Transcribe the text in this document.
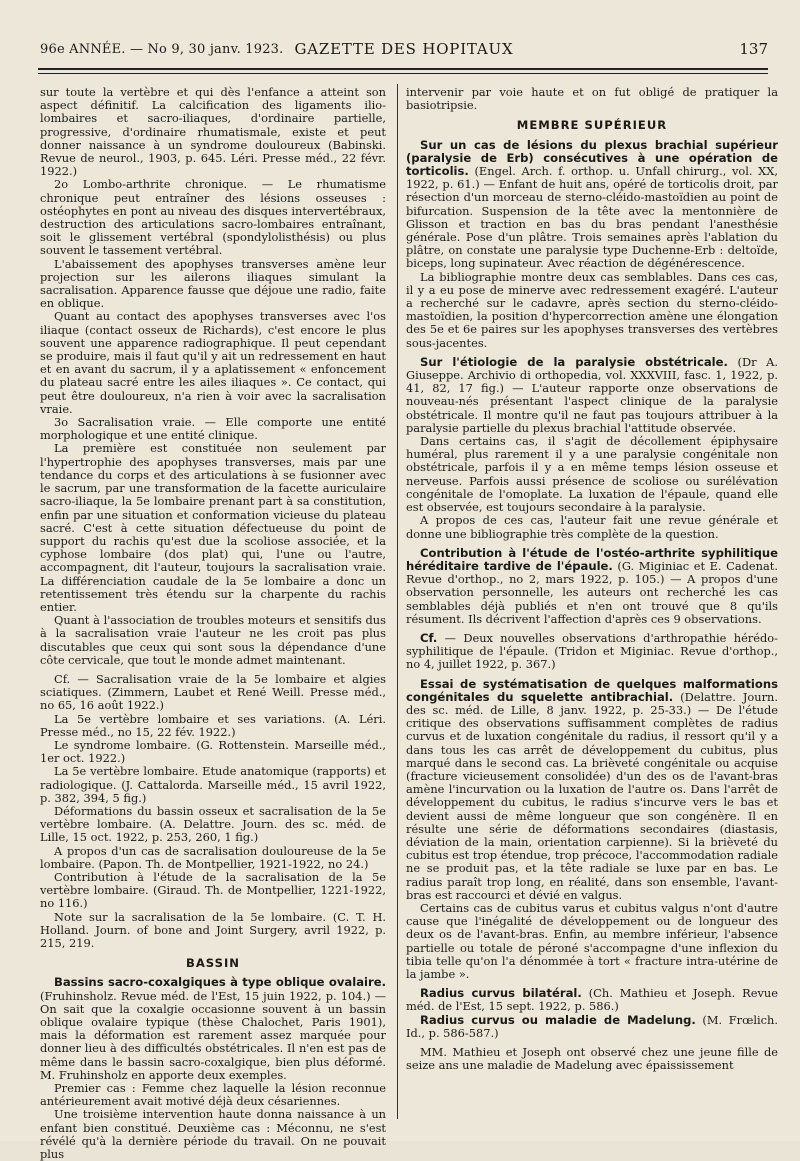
96e ANNÉE. — No 9, 30 janv. 1923. GAZETTE DES HOPITAUX	137

sur toute la vertèbre et qui dès l'enfance a atteint son aspect définitif. La calcification des ligaments ilio-lombaires et sacro-iliaques, d'ordinaire partielle, progressive, d'ordinaire rhumatismale, existe et peut donner naissance à un syndrome douloureux (Babinski. Revue de neurol., 1903, p. 645. Léri. Presse méd., 22 févr. 1922.)

2o Lombo-arthrite chronique. — Le rhumatisme chronique peut entraîner des lésions osseuses : ostéophytes en pont au niveau des disques intervertébraux, destruction des articulations sacro-lombaires entraînant, soit le glissement vertébral (spondylolisthésis) ou plus souvent le tassement vertébral.

L'abaissement des apophyses transverses amène leur projection sur les ailerons iliaques simulant la sacralisation. Apparence fausse que déjoue une radio, faite en oblique.

Quant au contact des apophyses transverses avec l'os iliaque (contact osseux de Richards), c'est encore le plus souvent une apparence radiographique. Il peut cependant se produire, mais il faut qu'il y ait un redressement en haut et en avant du sacrum, il y a aplatissement « enfoncement du plateau sacré entre les ailes iliaques ». Ce contact, qui peut être douloureux, n'a rien à voir avec la sacralisation vraie.

3o Sacralisation vraie. — Elle comporte une entité morphologique et une entité clinique.

La première est constituée non seulement par l'hypertrophie des apophyses transverses, mais par une tendance du corps et des articulations à se fusionner avec le sacrum, par une transformation de la facette auriculaire sacro-iliaque, la 5e lombaire prenant part à sa constitution, enfin par une situation et conformation vicieuse du plateau sacré. C'est à cette situation défectueuse du point de support du rachis qu'est due la scoliose associée, et la cyphose lombaire (dos plat) qui, l'une ou l'autre, accompagnent, dit l'auteur, toujours la sacralisation vraie. La différenciation caudale de la 5e lombaire a donc un retentissement très étendu sur la charpente du rachis entier.

Quant à l'association de troubles moteurs et sensitifs dus à la sacralisation vraie l'auteur ne les croit pas plus discutables que ceux qui sont sous la dépendance d'une côte cervicale, que tout le monde admet maintenant.

Cf. — Sacralisation vraie de la 5e lombaire et algies sciatiques. (Zimmern, Laubet et René Weill. Presse méd., no 65, 16 août 1922.)

La 5e vertèbre lombaire et ses variations. (A. Léri. Presse méd., no 15, 22 fév. 1922.)

Le syndrome lombaire. (G. Rottenstein. Marseille méd., 1er oct. 1922.)

La 5e vertèbre lombaire. Etude anatomique (rapports) et radiologique. (J. Cattalorda. Marseille méd., 15 avril 1922, p. 382, 394, 5 fig.)

Déformations du bassin osseux et sacralisation de la 5e vertèbre lombaire. (A. Delattre. Journ. des sc. méd. de Lille, 15 oct. 1922, p. 253, 260, 1 fig.)

A propos d'un cas de sacralisation douloureuse de la 5e lombaire. (Papon. Th. de Montpellier, 1921-1922, no 24.)

Contribution à l'étude de la sacralisation de la 5e vertèbre lombaire. (Giraud. Th. de Montpellier, 1221-1922, no 116.)

Note sur la sacralisation de la 5e lombaire. (C. T. H. Holland. Journ. of bone and Joint Surgery, avril 1922, p. 215, 219.

BASSIN

Bassins sacro-coxalgiques à type oblique ovalaire. (Fruhinsholz. Revue méd. de l'Est, 15 juin 1922, p. 104.) — On sait que la coxalgie occasionne souvent à un bassin oblique ovalaire typique (thèse Chalochet, Paris 1901), mais la déformation est rarement assez marquée pour donner lieu à des difficultés obstétricales. Il n'en est pas de même dans le bassin sacro-coxalgique, bien plus déformé. M. Fruhinsholz en apporte deux exemples.

Premier cas : Femme chez laquelle la lésion reconnue antérieurement avait motivé déjà deux césariennes.

Une troisième intervention haute donna naissance à un enfant bien constitué. Deuxième cas : Méconnu, ne s'est révélé qu'à la dernière période du travail. On ne pouvait plus

intervenir par voie haute et on fut obligé de pratiquer la basiotripsie.

MEMBRE SUPÉRIEUR

Sur un cas de lésions du plexus brachial supérieur (paralysie de Erb) consécutives à une opération de torticolis. (Engel. Arch. f. orthop. u. Unfall chirurg., vol. XX, 1922, p. 61.) — Enfant de huit ans, opéré de torticolis droit, par résection d'un morceau de sterno-cléido-mastoïdien au point de bifurcation. Suspension de la tête avec la mentonnière de Glisson et traction en bas du bras pendant l'anesthésie générale. Pose d'un plâtre. Trois semaines après l'ablation du plâtre, on constate une paralysie type Duchenne-Erb : deltoïde, biceps, long supinateur. Avec réaction de dégénérescence.

La bibliographie montre deux cas semblables. Dans ces cas, il y a eu pose de minerve avec redressement exagéré. L'auteur a recherché sur le cadavre, après section du sterno-cléido-mastoïdien, la position d'hypercorrection amène une élongation des 5e et 6e paires sur les apophyses transverses des vertèbres sous-jacentes.

Sur l'étiologie de la paralysie obstétricale. (Dr A. Giuseppe. Archivio di orthopedia, vol. XXXVIII, fasc. 1, 1922, p. 41, 82, 17 fig.) — L'auteur rapporte onze observations de nouveau-nés présentant l'aspect clinique de la paralysie obstétricale. Il montre qu'il ne faut pas toujours attribuer à la paralysie partielle du plexus brachial l'attitude observée.

Dans certains cas, il s'agit de décollement épiphysaire huméral, plus rarement il y a une paralysie congénitale non obstétricale, parfois il y a en même temps lésion osseuse et nerveuse. Parfois aussi présence de scoliose ou surélévation congénitale de l'omoplate. La luxation de l'épaule, quand elle est observée, est toujours secondaire à la paralysie.

A propos de ces cas, l'auteur fait une revue générale et donne une bibliographie très complète de la question.

Contribution à l'étude de l'ostéo-arthrite syphilitique héréditaire tardive de l'épaule. (G. Miginiac et E. Cadenat. Revue d'orthop., no 2, mars 1922, p. 105.) — A propos d'une observation personnelle, les auteurs ont recherché les cas semblables déjà publiés et n'en ont trouvé que 8 qu'ils résument. Ils décrivent l'affection d'après ces 9 observations.

Cf. — Deux nouvelles observations d'arthropathie hérédo-syphilitique de l'épaule. (Tridon et Miginiac. Revue d'orthop., no 4, juillet 1922, p. 367.)

Essai de systématisation de quelques malformations congénitales du squelette antibrachial. (Delattre. Journ. des sc. méd. de Lille, 8 janv. 1922, p. 25-33.) — De l'étude critique des observations suffisamment complètes de radius curvus et de luxation congénitale du radius, il ressort qu'il y a dans tous les cas arrêt de développement du cubitus, plus marqué dans le second cas. La brièveté congénitale ou acquise (fracture vicieusement consolidée) d'un des os de l'avant-bras amène l'incurvation ou la luxation de l'autre os. Dans l'arrêt de développement du cubitus, le radius s'incurve vers le bas et devient aussi de même longueur que son congénère. Il en résulte une série de déformations secondaires (diastasis, déviation de la main, orientation carpienne). Si la brièveté du cubitus est trop étendue, trop précoce, l'accommodation radiale ne se produit pas, et la tête radiale se luxe par en bas. Le radius paraît trop long, en réalité, dans son ensemble, l'avant-bras est raccourci et dévié en valgus.

Certains cas de cubitus varus et cubitus valgus n'ont d'autre cause que l'inégalité de développement ou de longueur des deux os de l'avant-bras. Enfin, au membre inférieur, l'absence partielle ou totale de péroné s'accompagne d'une inflexion du tibia telle qu'on l'a dénommée à tort « fracture intra-utérine de la jambe ».

Radius curvus bilatéral. (Ch. Mathieu et Joseph. Revue méd. de l'Est, 15 sept. 1922, p. 586.)

Radius curvus ou maladie de Madelung. (M. Frœlich. Id., p. 586-587.)

MM. Mathieu et Joseph ont observé chez une jeune fille de seize ans une maladie de Madelung avec épaississement
